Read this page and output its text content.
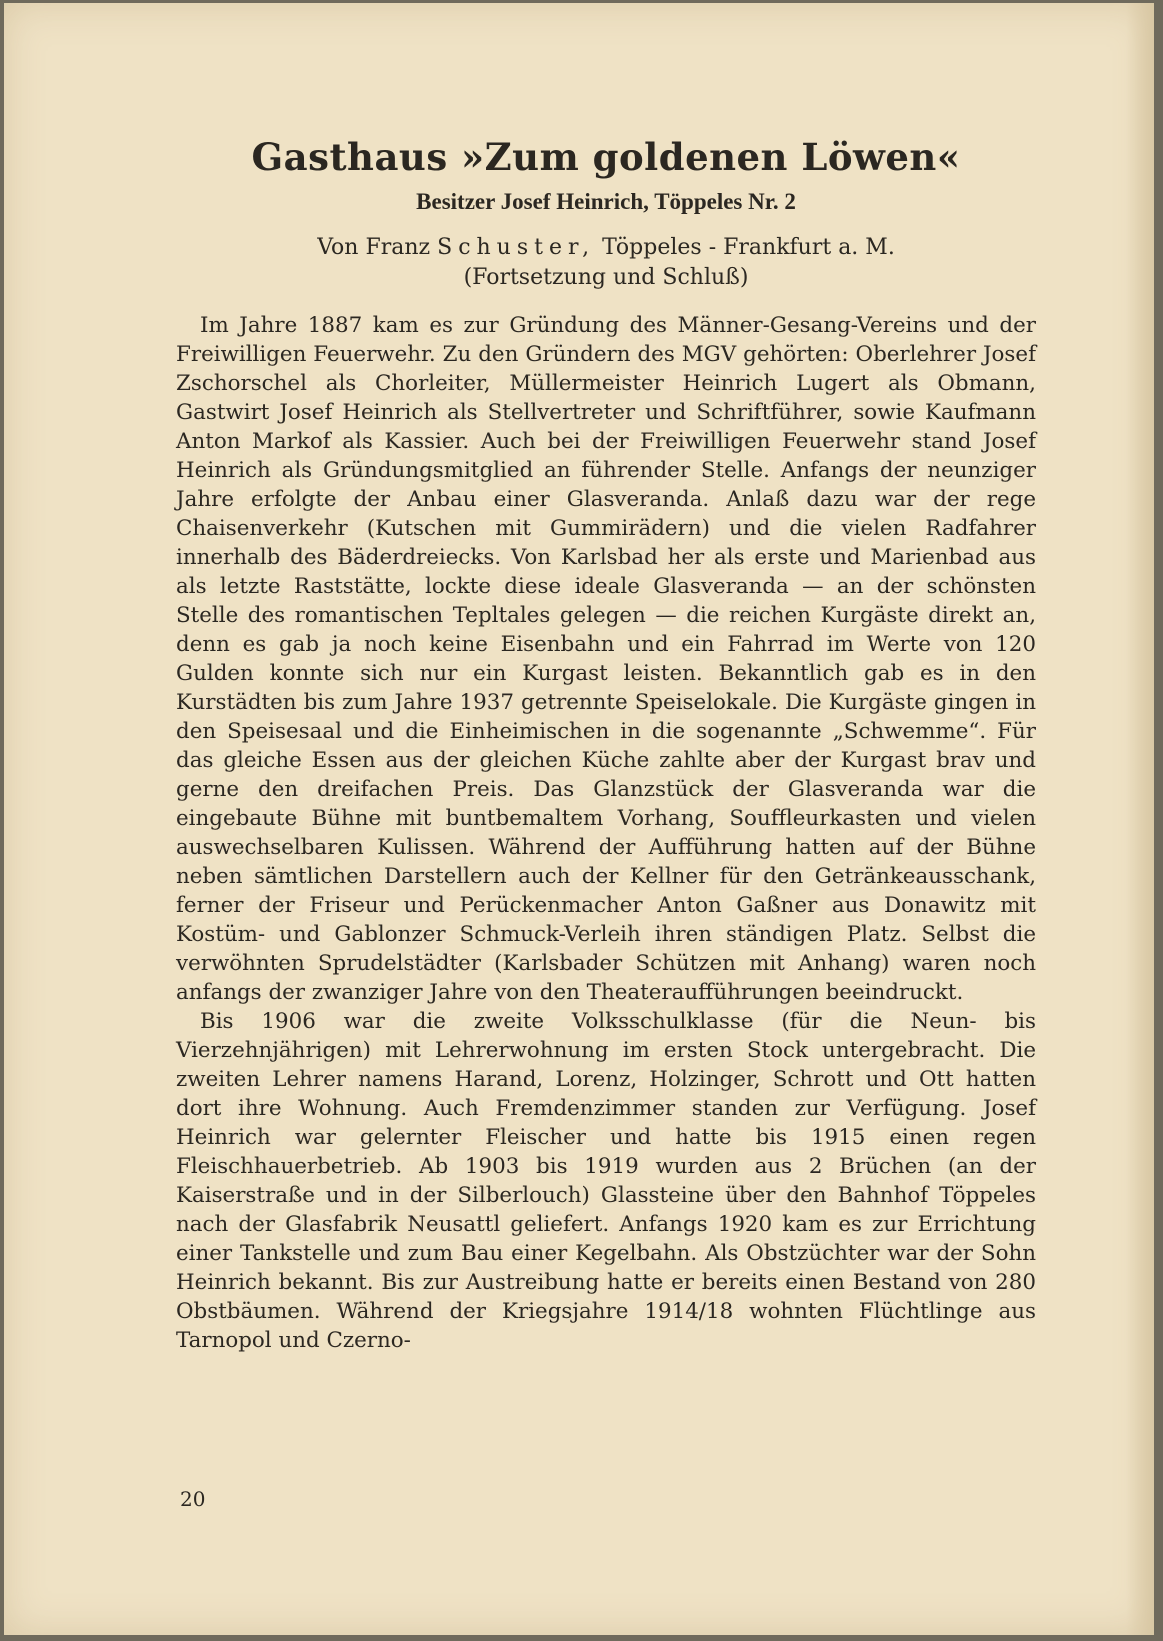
Gasthaus »Zum goldenen Löwen«
Besitzer Josef Heinrich, Töppeles Nr. 2
Von Franz Schuster, Töppeles - Frankfurt a. M.
(Fortsetzung und Schluß)

Im Jahre 1887 kam es zur Gründung des Männer-Gesang-Vereins und der Freiwilligen Feuerwehr. Zu den Gründern des MGV gehörten: Oberlehrer Josef Zschorschel als Chorleiter, Müllermeister Heinrich Lugert als Obmann, Gastwirt Josef Heinrich als Stellvertreter und Schriftführer, sowie Kaufmann Anton Markof als Kassier. Auch bei der Freiwilligen Feuerwehr stand Josef Heinrich als Gründungsmitglied an führender Stelle. Anfangs der neunziger Jahre erfolgte der Anbau einer Glasveranda. Anlaß dazu war der rege Chaisenverkehr (Kutschen mit Gummirädern) und die vielen Radfahrer innerhalb des Bäderdreiecks. Von Karlsbad her als erste und Marienbad aus als letzte Raststätte, lockte diese ideale Glasveranda — an der schönsten Stelle des romantischen Tepltales gelegen — die reichen Kurgäste direkt an, denn es gab ja noch keine Eisenbahn und ein Fahrrad im Werte von 120 Gulden konnte sich nur ein Kurgast leisten. Bekanntlich gab es in den Kurstädten bis zum Jahre 1937 getrennte Speiselokale. Die Kurgäste gingen in den Speisesaal und die Einheimischen in die sogenannte „Schwemme“. Für das gleiche Essen aus der gleichen Küche zahlte aber der Kurgast brav und gerne den dreifachen Preis. Das Glanzstück der Glasveranda war die eingebaute Bühne mit buntbemaltem Vorhang, Souffleurkasten und vielen auswechselbaren Kulissen. Während der Aufführung hatten auf der Bühne neben sämtlichen Darstellern auch der Kellner für den Getränkeausschank, ferner der Friseur und Perückenmacher Anton Gaßner aus Donawitz mit Kostüm- und Gablonzer Schmuck-Verleih ihren ständigen Platz. Selbst die verwöhnten Sprudelstädter (Karlsbader Schützen mit Anhang) waren noch anfangs der zwanziger Jahre von den Theateraufführungen beeindruckt.

Bis 1906 war die zweite Volksschulklasse (für die Neun- bis Vierzehnjährigen) mit Lehrerwohnung im ersten Stock untergebracht. Die zweiten Lehrer namens Harand, Lorenz, Holzinger, Schrott und Ott hatten dort ihre Wohnung. Auch Fremdenzimmer standen zur Verfügung. Josef Heinrich war gelernter Fleischer und hatte bis 1915 einen regen Fleischhauerbetrieb. Ab 1903 bis 1919 wurden aus 2 Brüchen (an der Kaiserstraße und in der Silberlouch) Glassteine über den Bahnhof Töppeles nach der Glasfabrik Neusattl geliefert. Anfangs 1920 kam es zur Errichtung einer Tankstelle und zum Bau einer Kegelbahn. Als Obstzüchter war der Sohn Heinrich bekannt. Bis zur Austreibung hatte er bereits einen Bestand von 280 Obstbäumen. Während der Kriegsjahre 1914/18 wohnten Flüchtlinge aus Tarnopol und Czerno-

20
